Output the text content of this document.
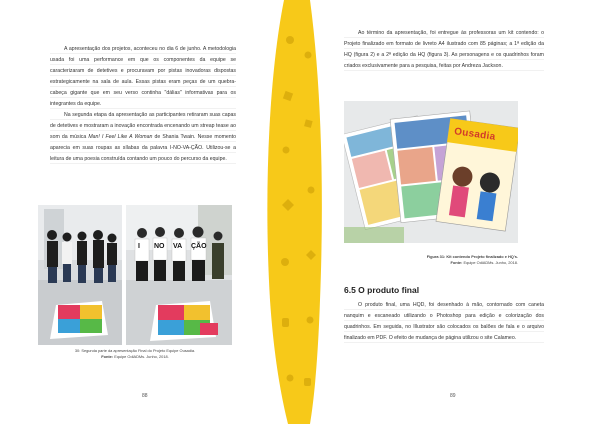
A apresentação dos projetos, aconteceu no dia 6 de junho. A metodologia usada foi uma performance em que os componentes da equipe se caracterizaram de detetives e procuravam por pistas inovadoras dispostas estrategicamente na sala de aula. Essas pistas eram peças de um quebra-cabeça gigante que em seu verso continha "dálias" informativas para os integrantes da equipe.

Na segunda etapa da apresentação as participantes retiraram suas capas de detetives e mostraram a inovação encontrada encenando um streap tease ao som da música Man! I Feel Like A Woman de Shania Twain. Nesse momento aparecia em suas roupas as sílabas da palavra I-NO-VA-ÇÃO. Utilizou-se a leitura de uma poesia construída contando um pouco do percurso da equipe.

I NO VA ÇÃO

30: Segunda parte da apresentação Final do Projeto Equipe Ousadia.
Fonte: Equipe OdiADMs. Junho, 2018.

88

Ao término da apresentação, foi entregue às professoras um kit contendo: o Projeto finalizado em formato de livreto A4 ilustrado com 85 páginas; a 1ª edição da HQ (figura 2) e a 2ª edição da HQ (figura 3). As personagens e os quadrinhos foram criados exclusivamente para a pesquisa, feitas por Andreza Jackson.

Ousadia

Figura 31: Kit contendo Projeto finalizado e HQ's.
Fonte: Equipe OdiADMs. Junho, 2018.

6.5 O produto final

O produto final, uma HQD, foi desenhado à mão, contornado com caneta nanquim e escaneado utilizando o Photoshop para edição e colorização dos quadrinhos. Em seguida, no Illustrator são colocados os balões de fala e o arquivo finalizado em PDF. O efeito de mudança de página utilizou o site Calameo.

89
